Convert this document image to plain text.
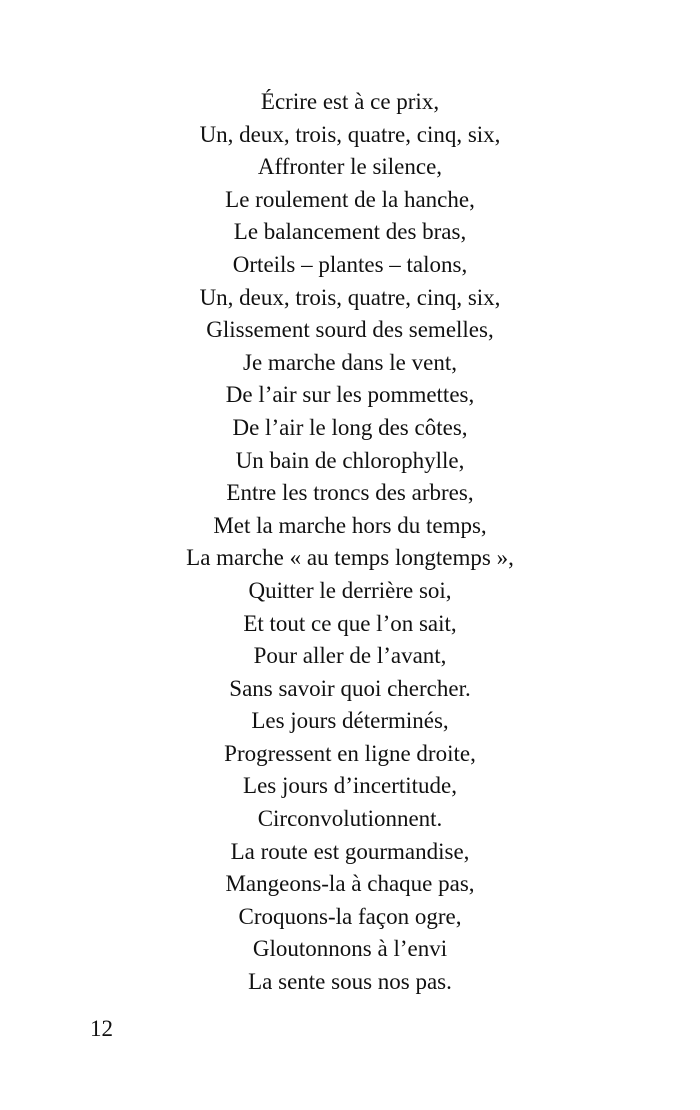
Écrire est à ce prix,
Un, deux, trois, quatre, cinq, six,
Affronter le silence,
Le roulement de la hanche,
Le balancement des bras,
Orteils – plantes – talons,
Un, deux, trois, quatre, cinq, six,
Glissement sourd des semelles,
Je marche dans le vent,
De l’air sur les pommettes,
De l’air le long des côtes,
Un bain de chlorophylle,
Entre les troncs des arbres,
Met la marche hors du temps,
La marche « au temps longtemps »,
Quitter le derrière soi,
Et tout ce que l’on sait,
Pour aller de l’avant,
Sans savoir quoi chercher.
Les jours déterminés,
Progressent en ligne droite,
Les jours d’incertitude,
Circonvolutionnent.
La route est gourmandise,
Mangeons-la à chaque pas,
Croquons-la façon ogre,
Gloutonnons à l’envi
La sente sous nos pas.
12
